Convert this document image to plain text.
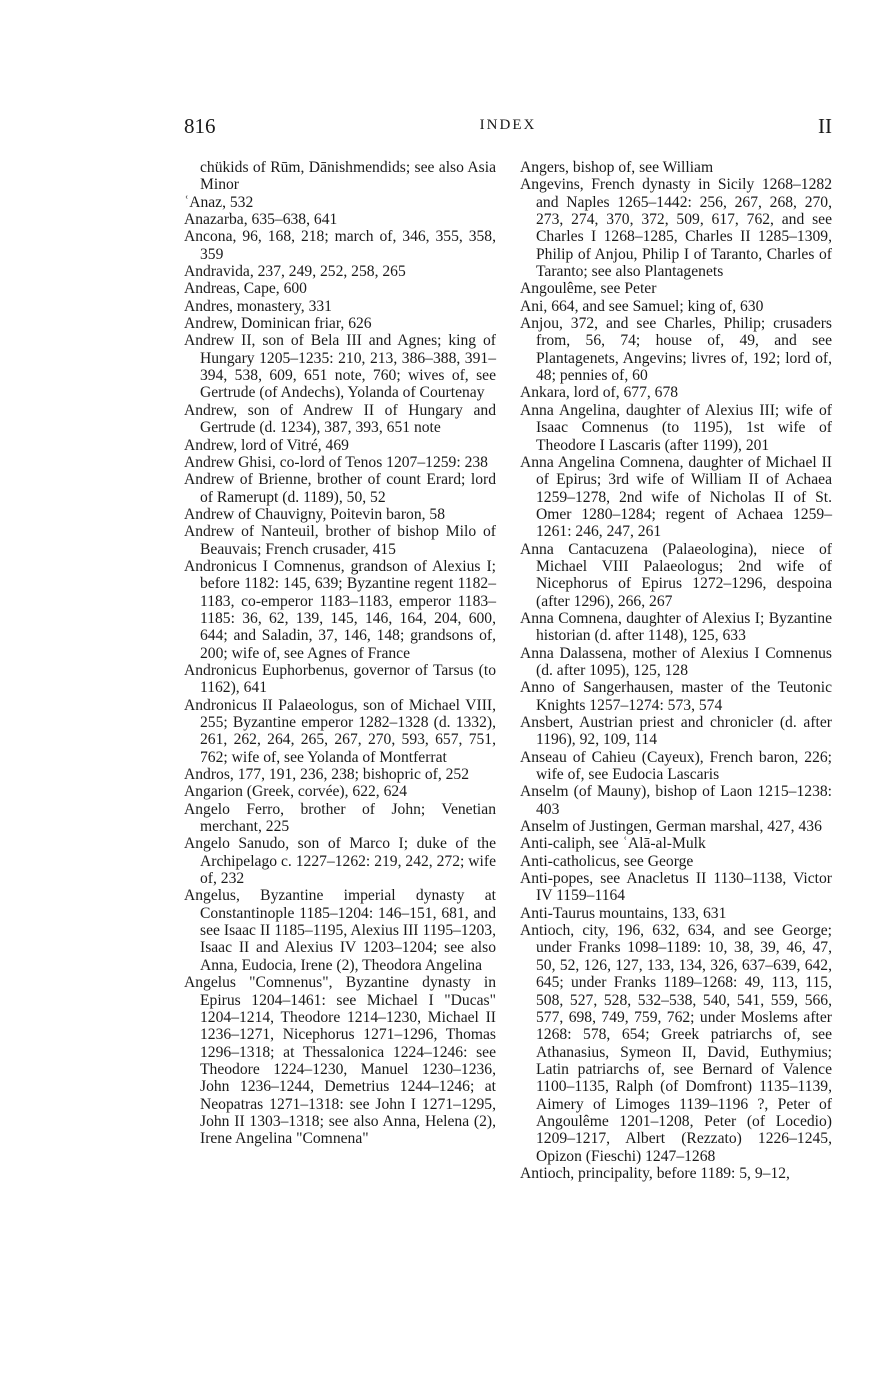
816	INDEX	II

chükids of Rūm, Dānishmendids; see also Asia Minor

ʿAnaz, 532

Anazarba, 635–638, 641

Ancona, 96, 168, 218; march of, 346, 355, 358, 359

Andravida, 237, 249, 252, 258, 265

Andreas, Cape, 600

Andres, monastery, 331

Andrew, Dominican friar, 626

Andrew II, son of Bela III and Agnes; king of Hungary 1205–1235: 210, 213, 386–388, 391–394, 538, 609, 651 note, 760; wives of, see Gertrude (of Andechs), Yolanda of Courtenay

Andrew, son of Andrew II of Hungary and Gertrude (d. 1234), 387, 393, 651 note

Andrew, lord of Vitré, 469

Andrew Ghisi, co-lord of Tenos 1207–1259: 238

Andrew of Brienne, brother of count Erard; lord of Ramerupt (d. 1189), 50, 52

Andrew of Chauvigny, Poitevin baron, 58

Andrew of Nanteuil, brother of bishop Milo of Beauvais; French crusader, 415

Andronicus I Comnenus, grandson of Alexius I; before 1182: 145, 639; Byzantine regent 1182–1183, co-emperor 1183–1183, emperor 1183–1185: 36, 62, 139, 145, 146, 164, 204, 600, 644; and Saladin, 37, 146, 148; grandsons of, 200; wife of, see Agnes of France

Andronicus Euphorbenus, governor of Tarsus (to 1162), 641

Andronicus II Palaeologus, son of Michael VIII, 255; Byzantine emperor 1282–1328 (d. 1332), 261, 262, 264, 265, 267, 270, 593, 657, 751, 762; wife of, see Yolanda of Montferrat

Andros, 177, 191, 236, 238; bishopric of, 252

Angarion (Greek, corvée), 622, 624

Angelo Ferro, brother of John; Venetian merchant, 225

Angelo Sanudo, son of Marco I; duke of the Archipelago c. 1227–1262: 219, 242, 272; wife of, 232

Angelus, Byzantine imperial dynasty at Constantinople 1185–1204: 146–151, 681, and see Isaac II 1185–1195, Alexius III 1195–1203, Isaac II and Alexius IV 1203–1204; see also Anna, Eudocia, Irene (2), Theodora Angelina

Angelus "Comnenus", Byzantine dynasty in Epirus 1204–1461: see Michael I "Ducas" 1204–1214, Theodore 1214–1230, Michael II 1236–1271, Nicephorus 1271–1296, Thomas 1296–1318; at Thessalonica 1224–1246: see Theodore 1224–1230, Manuel 1230–1236, John 1236–1244, Demetrius 1244–1246; at Neopatras 1271–1318: see John I 1271–1295, John II 1303–1318; see also Anna, Helena (2), Irene Angelina "Comnena"

Angers, bishop of, see William

Angevins, French dynasty in Sicily 1268–1282 and Naples 1265–1442: 256, 267, 268, 270, 273, 274, 370, 372, 509, 617, 762, and see Charles I 1268–1285, Charles II 1285–1309, Philip of Anjou, Philip I of Taranto, Charles of Taranto; see also Plantagenets

Angoulême, see Peter

Ani, 664, and see Samuel; king of, 630

Anjou, 372, and see Charles, Philip; crusaders from, 56, 74; house of, 49, and see Plantagenets, Angevins; livres of, 192; lord of, 48; pennies of, 60

Ankara, lord of, 677, 678

Anna Angelina, daughter of Alexius III; wife of Isaac Comnenus (to 1195), 1st wife of Theodore I Lascaris (after 1199), 201

Anna Angelina Comnena, daughter of Michael II of Epirus; 3rd wife of William II of Achaea 1259–1278, 2nd wife of Nicholas II of St. Omer 1280–1284; regent of Achaea 1259–1261: 246, 247, 261

Anna Cantacuzena (Palaeologina), niece of Michael VIII Palaeologus; 2nd wife of Nicephorus of Epirus 1272–1296, despoina (after 1296), 266, 267

Anna Comnena, daughter of Alexius I; Byzantine historian (d. after 1148), 125, 633

Anna Dalassena, mother of Alexius I Comnenus (d. after 1095), 125, 128

Anno of Sangerhausen, master of the Teutonic Knights 1257–1274: 573, 574

Ansbert, Austrian priest and chronicler (d. after 1196), 92, 109, 114

Anseau of Cahieu (Cayeux), French baron, 226; wife of, see Eudocia Lascaris

Anselm (of Mauny), bishop of Laon 1215–1238: 403

Anselm of Justingen, German marshal, 427, 436

Anti-caliph, see ʿAlā-al-Mulk

Anti-catholicus, see George

Anti-popes, see Anacletus II 1130–1138, Victor IV 1159–1164

Anti-Taurus mountains, 133, 631

Antioch, city, 196, 632, 634, and see George; under Franks 1098–1189: 10, 38, 39, 46, 47, 50, 52, 126, 127, 133, 134, 326, 637–639, 642, 645; under Franks 1189–1268: 49, 113, 115, 508, 527, 528, 532–538, 540, 541, 559, 566, 577, 698, 749, 759, 762; under Moslems after 1268: 578, 654; Greek patriarchs of, see Athanasius, Symeon II, David, Euthymius; Latin patriarchs of, see Bernard of Valence 1100–1135, Ralph (of Domfront) 1135–1139, Aimery of Limoges 1139–1196 ?, Peter of Angoulême 1201–1208, Peter (of Locedio) 1209–1217, Albert (Rezzato) 1226–1245, Opizon (Fieschi) 1247–1268

Antioch, principality, before 1189: 5, 9–12,
